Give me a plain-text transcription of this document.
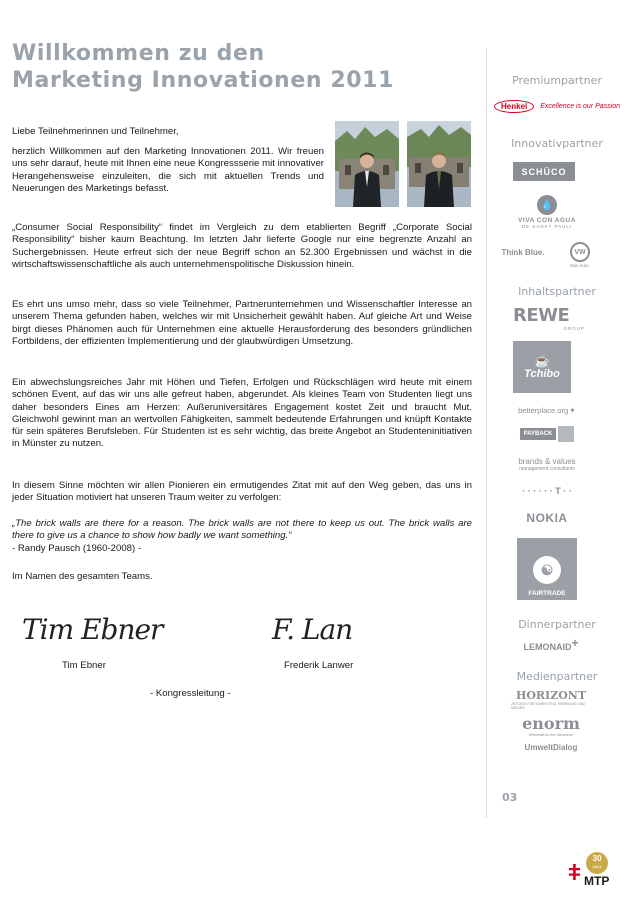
Willkommen zu den
Marketing Innovationen 2011
Liebe Teilnehmerinnen und Teilnehmer,
herzlich Willkommen auf den Marketing Innovationen 2011. Wir freuen uns sehr darauf, heute mit Ihnen eine neue Kongressserie mit innovativer Herangehensweise einzuleiten, die sich mit aktuellen Trends und Neuerungen des Marketings befasst.
„Consumer Social Responsibility“ findet im Vergleich zu dem etablierten Begriff „Corporate Social Responsibility“ bisher kaum Beachtung. Im letzten Jahr lieferte Google nur eine begrenzte Anzahl an Suchergebnissen. Heute erfreut sich der neue Begriff schon an 52.300 Ergebnissen und wächst in die wirtschaftswissenschaftliche als auch unternehmenspolitische Diskussion hinein.
Es ehrt uns umso mehr, dass so viele Teilnehmer, Partnerunternehmen und Wissenschaftler Interesse an unserem Thema gefunden haben, welches wir mit Unsicherheit gewählt haben. Auf gleiche Art und Weise birgt dieses Phänomen auch für Unternehmen eine aktuelle Herausforderung des besonders gründlichen Fortbildens, der effizienten Implementierung und der glaubwürdigen Umsetzung.
Ein abwechslungsreiches Jahr mit Höhen und Tiefen, Erfolgen und Rückschlägen wird heute mit einem schönen Event, auf das wir uns alle gefreut haben, abgerundet. Als kleines Team von Studenten liegt uns daher besonders Eines am Herzen: Außeruniversitäres Engagement kostet Zeit und braucht Mut. Gleichwohl gewinnt man an wertvollen Fähigkeiten, sammelt bedeutende Erfahrungen und knüpft Kontakte für sein späteres Berufsleben. Für Studenten ist es sehr wichtig, das breite Angebot an Studenteninitiativen in Münster zu nutzen.
In diesem Sinne möchten wir allen Pionieren ein ermutigendes Zitat mit auf den Weg geben, das uns in jeder Situation motiviert hat unseren Traum weiter zu verfolgen:
„The brick walls are there for a reason. The brick walls are not there to keep us out. The brick walls are there to give us a chance to show how badly we want something.“
- Randy Pausch (1960-2008) -
Im Namen des gesamten Teams.
Tim Ebner	F. Lan
Tim Ebner	Frederik Lanwer
- Kongressleitung -
Premiumpartner
Henkel	Excellence is our Passion
Innovativpartner
SCHÜCO
💧
VIVA CON AGUA
DE SANKT PAULI
Think Blue.	VW
Das Auto.
Inhaltspartner
REWE
GROUP
☕
Tchibo
betterplace.org ✦
PAYBACK
brands & values
management consultants
· · · · · · T · ·
NOKIA
☯
FAIRTRADE
Dinnerpartner
LEMONAID +
Medienpartner
HORIZONT
ZEITUNG FÜR MARKETING, WERBUNG UND MEDIEN
enorm
Wirtschaft für den Menschen
UmweltDialog
03
ǂ
30
Jahre
MTP
